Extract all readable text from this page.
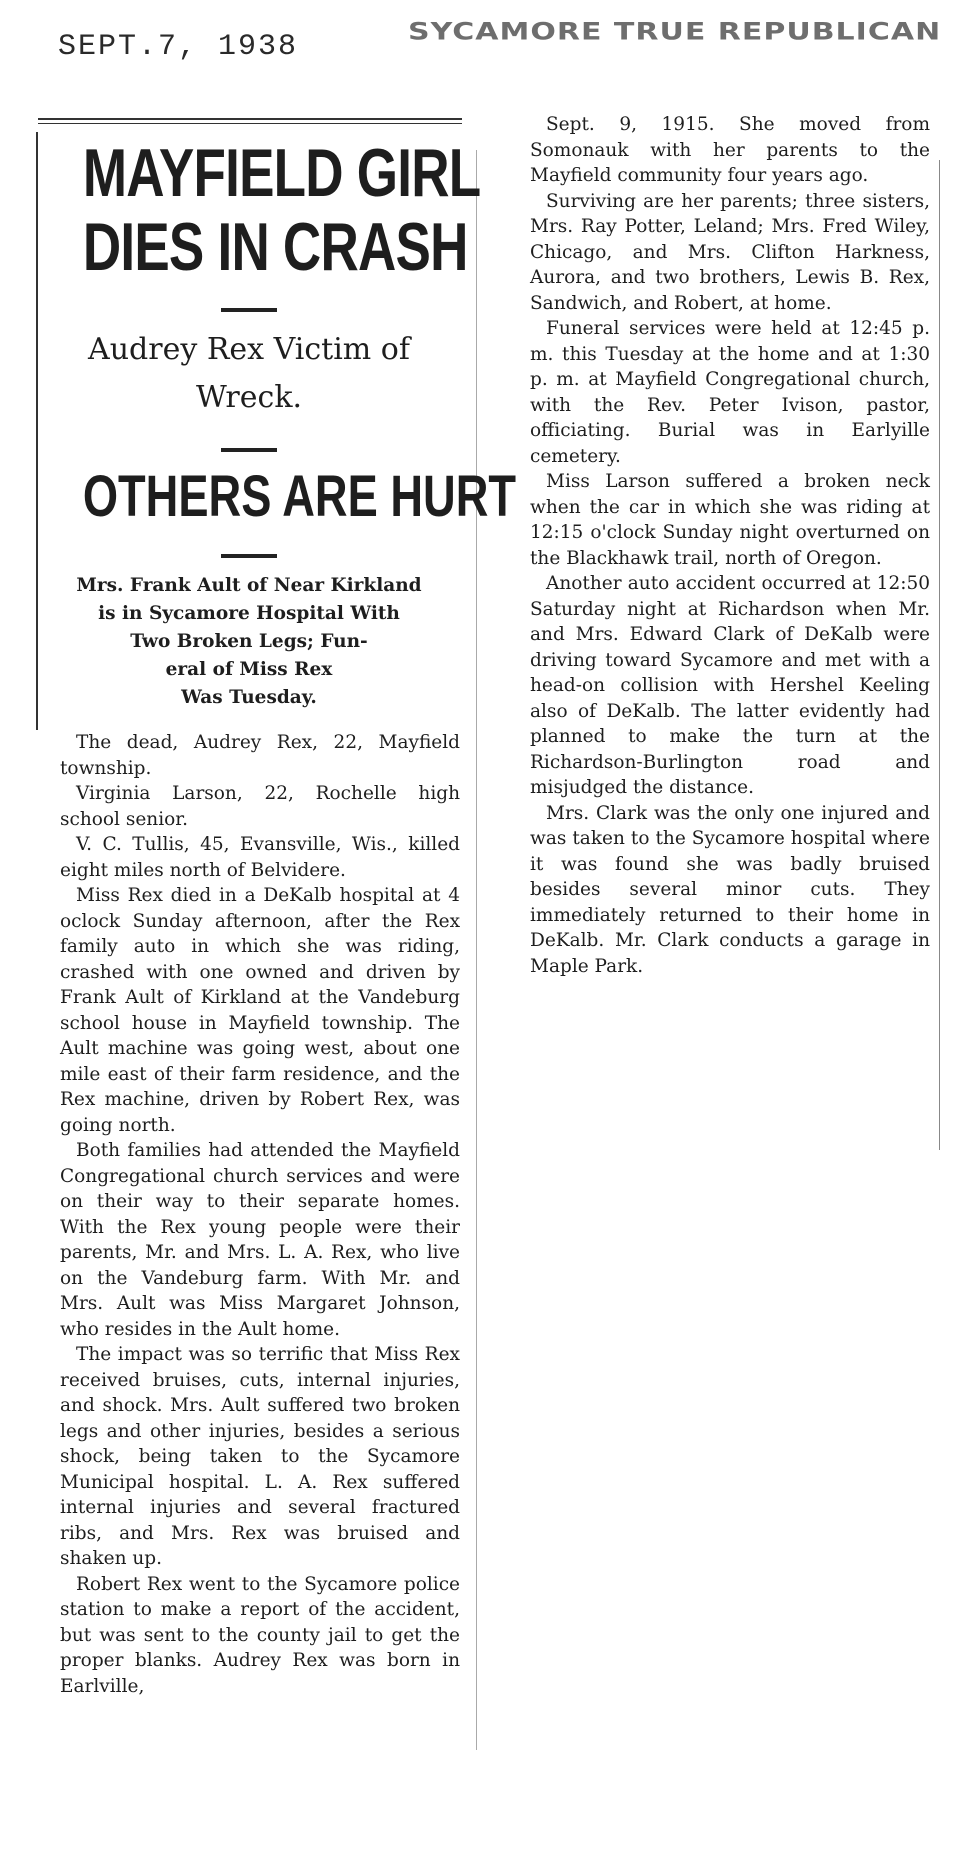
SEPT.7, 1938	SYCAMORE TRUE REPUBLICAN
MAYFIELD GIRL
DIES IN CRASH
Audrey Rex Victim of
Wreck.
OTHERS ARE HURT
Mrs. Frank Ault of Near Kirkland
is in Sycamore Hospital With
Two Broken Legs; Fun-
eral of Miss Rex
Was Tuesday.

The dead, Audrey Rex, 22, Mayfield township.

Virginia Larson, 22, Rochelle high school senior.

V. C. Tullis, 45, Evansville, Wis., killed eight miles north of Belvidere.

Miss Rex died in a DeKalb hospital at 4 oclock Sunday afternoon, after the Rex family auto in which she was riding, crashed with one owned and driven by Frank Ault of Kirkland at the Vandeburg school house in Mayfield township. The Ault machine was going west, about one mile east of their farm residence, and the Rex machine, driven by Robert Rex, was going north.

Both families had attended the Mayfield Congregational church services and were on their way to their separate homes. With the Rex young people were their parents, Mr. and Mrs. L. A. Rex, who live on the Vandeburg farm. With Mr. and Mrs. Ault was Miss Margaret Johnson, who resides in the Ault home.

The impact was so terrific that Miss Rex received bruises, cuts, internal injuries, and shock. Mrs. Ault suffered two broken legs and other injuries, besides a serious shock, being taken to the Sycamore Municipal hospital. L. A. Rex suffered internal injuries and several fractured ribs, and Mrs. Rex was bruised and shaken up.

Robert Rex went to the Sycamore police station to make a report of the accident, but was sent to the county jail to get the proper blanks. Audrey Rex was born in Earlville,

Sept. 9, 1915. She moved from Somonauk with her parents to the Mayfield community four years ago.

Surviving are her parents; three sisters, Mrs. Ray Potter, Leland; Mrs. Fred Wiley, Chicago, and Mrs. Clifton Harkness, Aurora, and two brothers, Lewis B. Rex, Sandwich, and Robert, at home.

Funeral services were held at 12:45 p. m. this Tuesday at the home and at 1:30 p. m. at Mayfield Congregational church, with the Rev. Peter Ivison, pastor, officiating. Burial was in Earlyille cemetery.

Miss Larson suffered a broken neck when the car in which she was riding at 12:15 o'clock Sunday night overturned on the Blackhawk trail, north of Oregon.

Another auto accident occurred at 12:50 Saturday night at Richardson when Mr. and Mrs. Edward Clark of DeKalb were driving toward Sycamore and met with a head-on collision with Hershel Keeling also of DeKalb. The latter evidently had planned to make the turn at the Richardson-Burlington road and misjudged the distance.

Mrs. Clark was the only one injured and was taken to the Sycamore hospital where it was found she was badly bruised besides several minor cuts. They immediately returned to their home in DeKalb. Mr. Clark conducts a garage in Maple Park.
